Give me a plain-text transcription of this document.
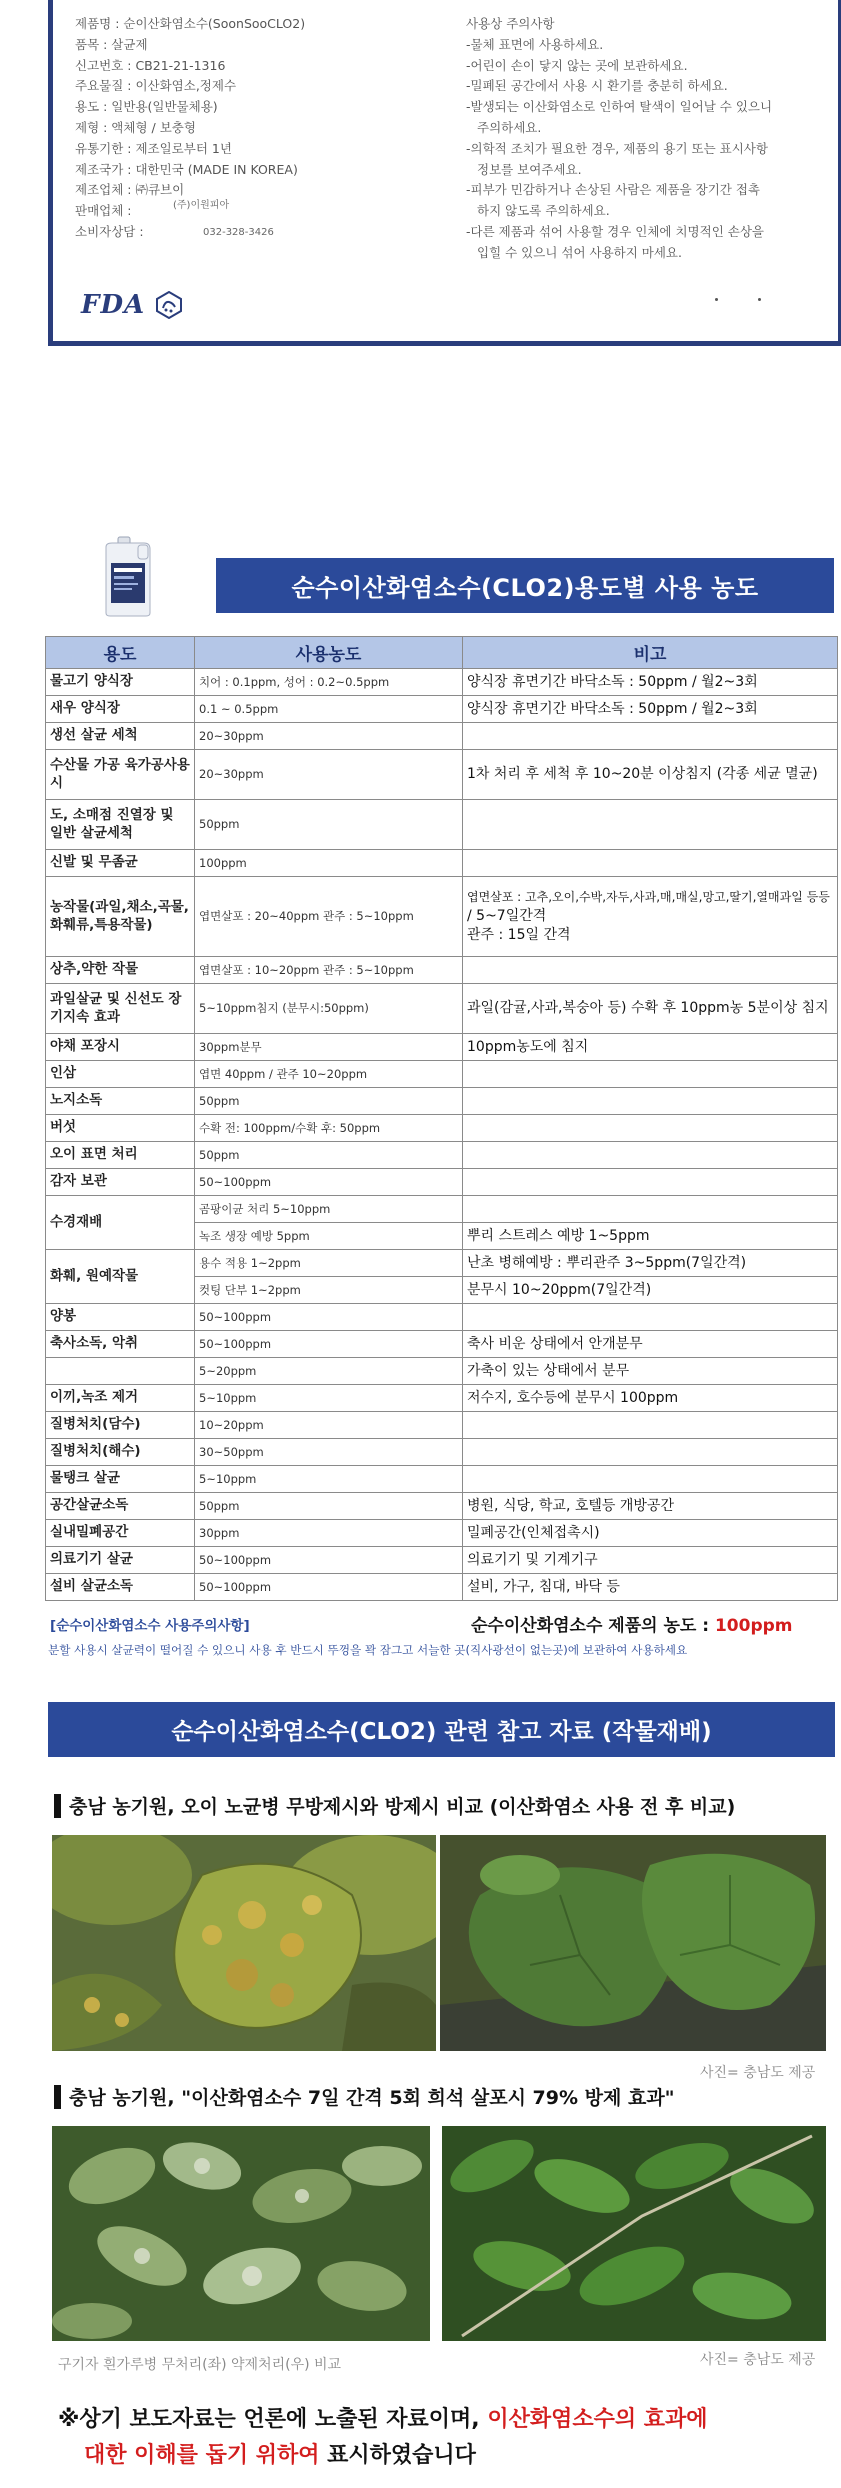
제품명 : 순이산화염소수(SoonSooCLO2)
품목 : 살균제
신고번호 : CB21-21-1316
주요물질 : 이산화염소,정제수
용도 : 일반용(일반물체용)
제형 : 액체형 / 보충형
유통기한 : 제조일로부터 1년
제조국가 : 대한민국 (MADE IN KOREA)
제조업체 : ㈜큐브이
판매업체 :	(주)이원피아
소비자상담 :	032-328-3426
사용상 주의사항
-물체 표면에 사용하세요.
-어린이 손이 닿지 않는 곳에 보관하세요.
-밀폐된 공간에서 사용 시 환기를 충분히 하세요.
-발생되는 이산화염소로 인하여 탈색이 일어날 수 있으니
주의하세요.
-의학적 조치가 필요한 경우, 제품의 용기 또는 표시사항
정보를 보여주세요.
-피부가 민감하거나 손상된 사람은 제품을 장기간 접촉
하지 않도록 주의하세요.
-다른 제품과 섞어 사용할 경우 인체에 치명적인 손상을
입힐 수 있으니 섞어 사용하지 마세요.
FDA
순수이산화염소수(CLO2)용도별 사용 농도
용도	사용농도	비고
물고기 양식장	치어 : 0.1ppm, 성어 : 0.2~0.5ppm	양식장 휴면기간 바닥소독 : 50ppm / 월2~3회
새우 양식장	0.1 ~ 0.5ppm	양식장 휴면기간 바닥소독 : 50ppm / 월2~3회
생선 살균 세척	20~30ppm	
수산물 가공 육가공사용시	20~30ppm	1차 처리 후 세척 후 10~20분 이상침지 (각종 세균 멸균)
도, 소매점 진열장 및 일반 살균세척	50ppm	
신발 및 무좀균	100ppm	
농작물(과일,채소,곡물,화훼류,특용작물)	엽면살포 : 20~40ppm 관주 : 5~10ppm	엽면살포 : 고추,오이,수박,자두,사과,매,매실,망고,딸기,열매과일 등등 / 5~7일간격
관주 : 15일 간격
상추,약한 작물	엽면살포 : 10~20ppm 관주 : 5~10ppm	
과일살균 및 신선도 장기지속 효과	5~10ppm침지 (분무시:50ppm)	과일(감귤,사과,복숭아 등) 수확 후 10ppm농 5분이상 침지
야채 포장시	30ppm분무	10ppm농도에 침지
인삼	엽면 40ppm / 관주 10~20ppm	
노지소독	50ppm	
버섯	수확 전: 100ppm/수확 후: 50ppm	
오이 표면 처리	50ppm	
감자 보관	50~100ppm	
수경재배	곰팡이균 처리 5~10ppm	
	녹조 생장 예방 5ppm	뿌리 스트레스 예방 1~5ppm
화훼, 원예작물	용수 적용 1~2ppm	난초 병해예방 : 뿌리관주 3~5ppm(7일간격)
	컷팅 단부 1~2ppm	분무시 10~20ppm(7일간격)
양봉	50~100ppm	
축사소독, 악취	50~100ppm	축사 비운 상태에서 안개분무
	5~20ppm	가축이 있는 상태에서 분무
이끼,녹조 제거	5~10ppm	저수지, 호수등에 분무시 100ppm
질병처치(담수)	10~20ppm	
질병처치(해수)	30~50ppm	
물탱크 살균	5~10ppm	
공간살균소독	50ppm	병원, 식당, 학교, 호텔등 개방공간
실내밀폐공간	30ppm	밀폐공간(인체접촉시)
의료기기 살균	50~100ppm	의료기기 및 기계기구
설비 살균소독	50~100ppm	설비, 가구, 침대, 바닥 등
[순수이산화염소수 사용주의사항]	순수이산화염소수 제품의 농도 : 100ppm
분할 사용시 살균력이 떨어질 수 있으니 사용 후 반드시 뚜껑을 꽉 잠그고 서늘한 곳(직사광선이 없는곳)에 보관하여 사용하세요
순수이산화염소수(CLO2) 관련 참고 자료 (작물재배)
충남 농기원, 오이 노균병 무방제시와 방제시 비교 (이산화염소 사용 전 후 비교)
사진= 충남도 제공
충남 농기원, "이산화염소수 7일 간격 5회 희석 살포시 79% 방제 효과"
구기자 흰가루병 무처리(좌) 약제처리(우) 비교	사진= 충남도 제공
※상기 보도자료는 언론에 노출된 자료이며, 이산화염소수의 효과에
대한 이해를 돕기 위하여 표시하였습니다
